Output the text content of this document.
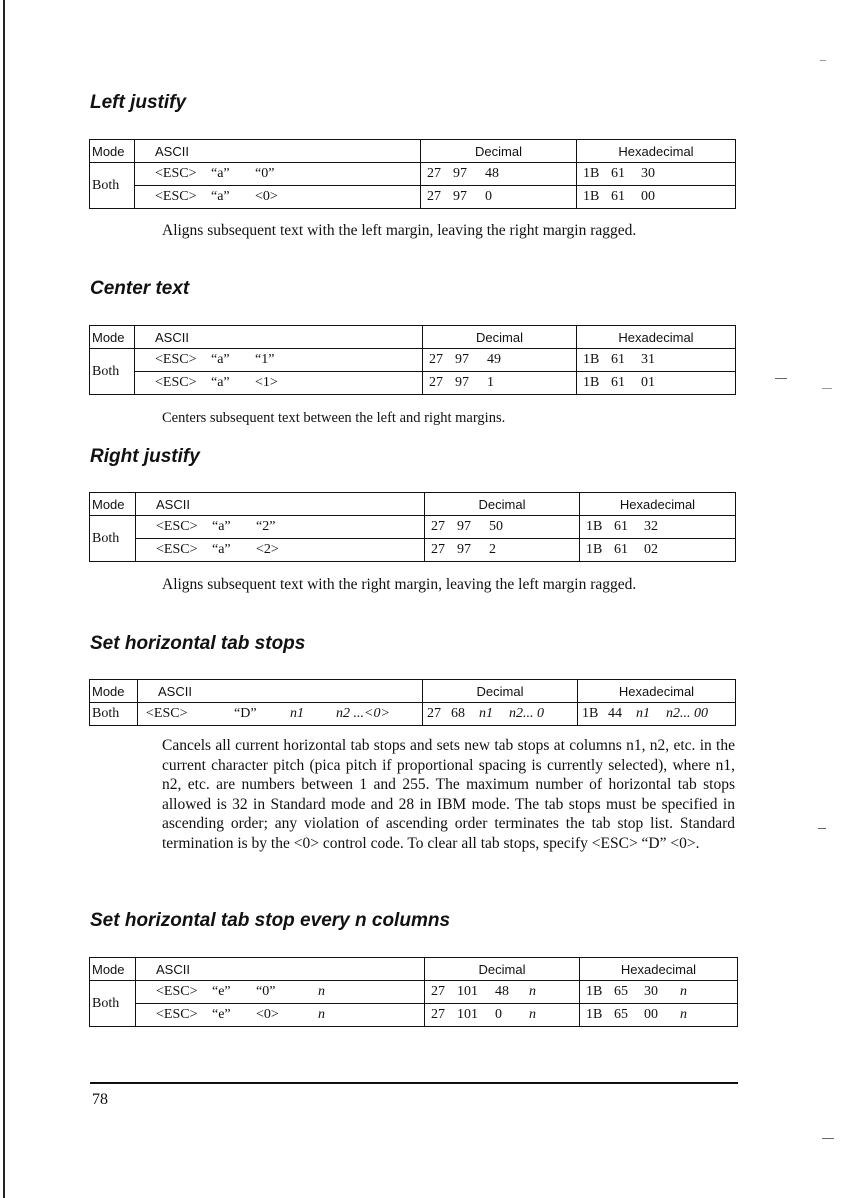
Left justify
Mode	ASCII	Decimal	Hexadecimal
Both	<ESC> “a” “0”	27 97 48	1B 61 30
	<ESC> “a” <0>	27 97 0	1B 61 00

Aligns subsequent text with the left margin, leaving the right margin ragged.

Center text
Mode	ASCII	Decimal	Hexadecimal
Both	<ESC> “a” “1”	27 97 49	1B 61 31
	<ESC> “a” <1>	27 97 1	1B 61 01

Centers subsequent text between the left and right margins.

Right justify
Mode	ASCII	Decimal	Hexadecimal
Both	<ESC> “a” “2”	27 97 50	1B 61 32
	<ESC> “a” <2>	27 97 2	1B 61 02

Aligns subsequent text with the right margin, leaving the left margin ragged.

Set horizontal tab stops
Mode	ASCII	Decimal	Hexadecimal
Both	<ESC> “D” n1 n2 ...<0>	27 68 n1 n2... 0	1B 44 n1 n2... 00

Cancels all current horizontal tab stops and sets new tab stops at columns n1, n2, etc. in the current character pitch (pica pitch if proportional spacing is currently selected), where n1, n2, etc. are numbers between 1 and 255. The maximum number of horizontal tab stops allowed is 32 in Standard mode and 28 in IBM mode. The tab stops must be specified in ascending order; any violation of ascending order terminates the tab stop list. Standard termination is by the <0> control code. To clear all tab stops, specify <ESC> “D” <0>.

Set horizontal tab stop every n columns
Mode	ASCII	Decimal	Hexadecimal
Both	<ESC> “e” “0” n	27 101 48 n	1B 65 30 n
	<ESC> “e” <0> n	27 101 0 n	1B 65 00 n
78
